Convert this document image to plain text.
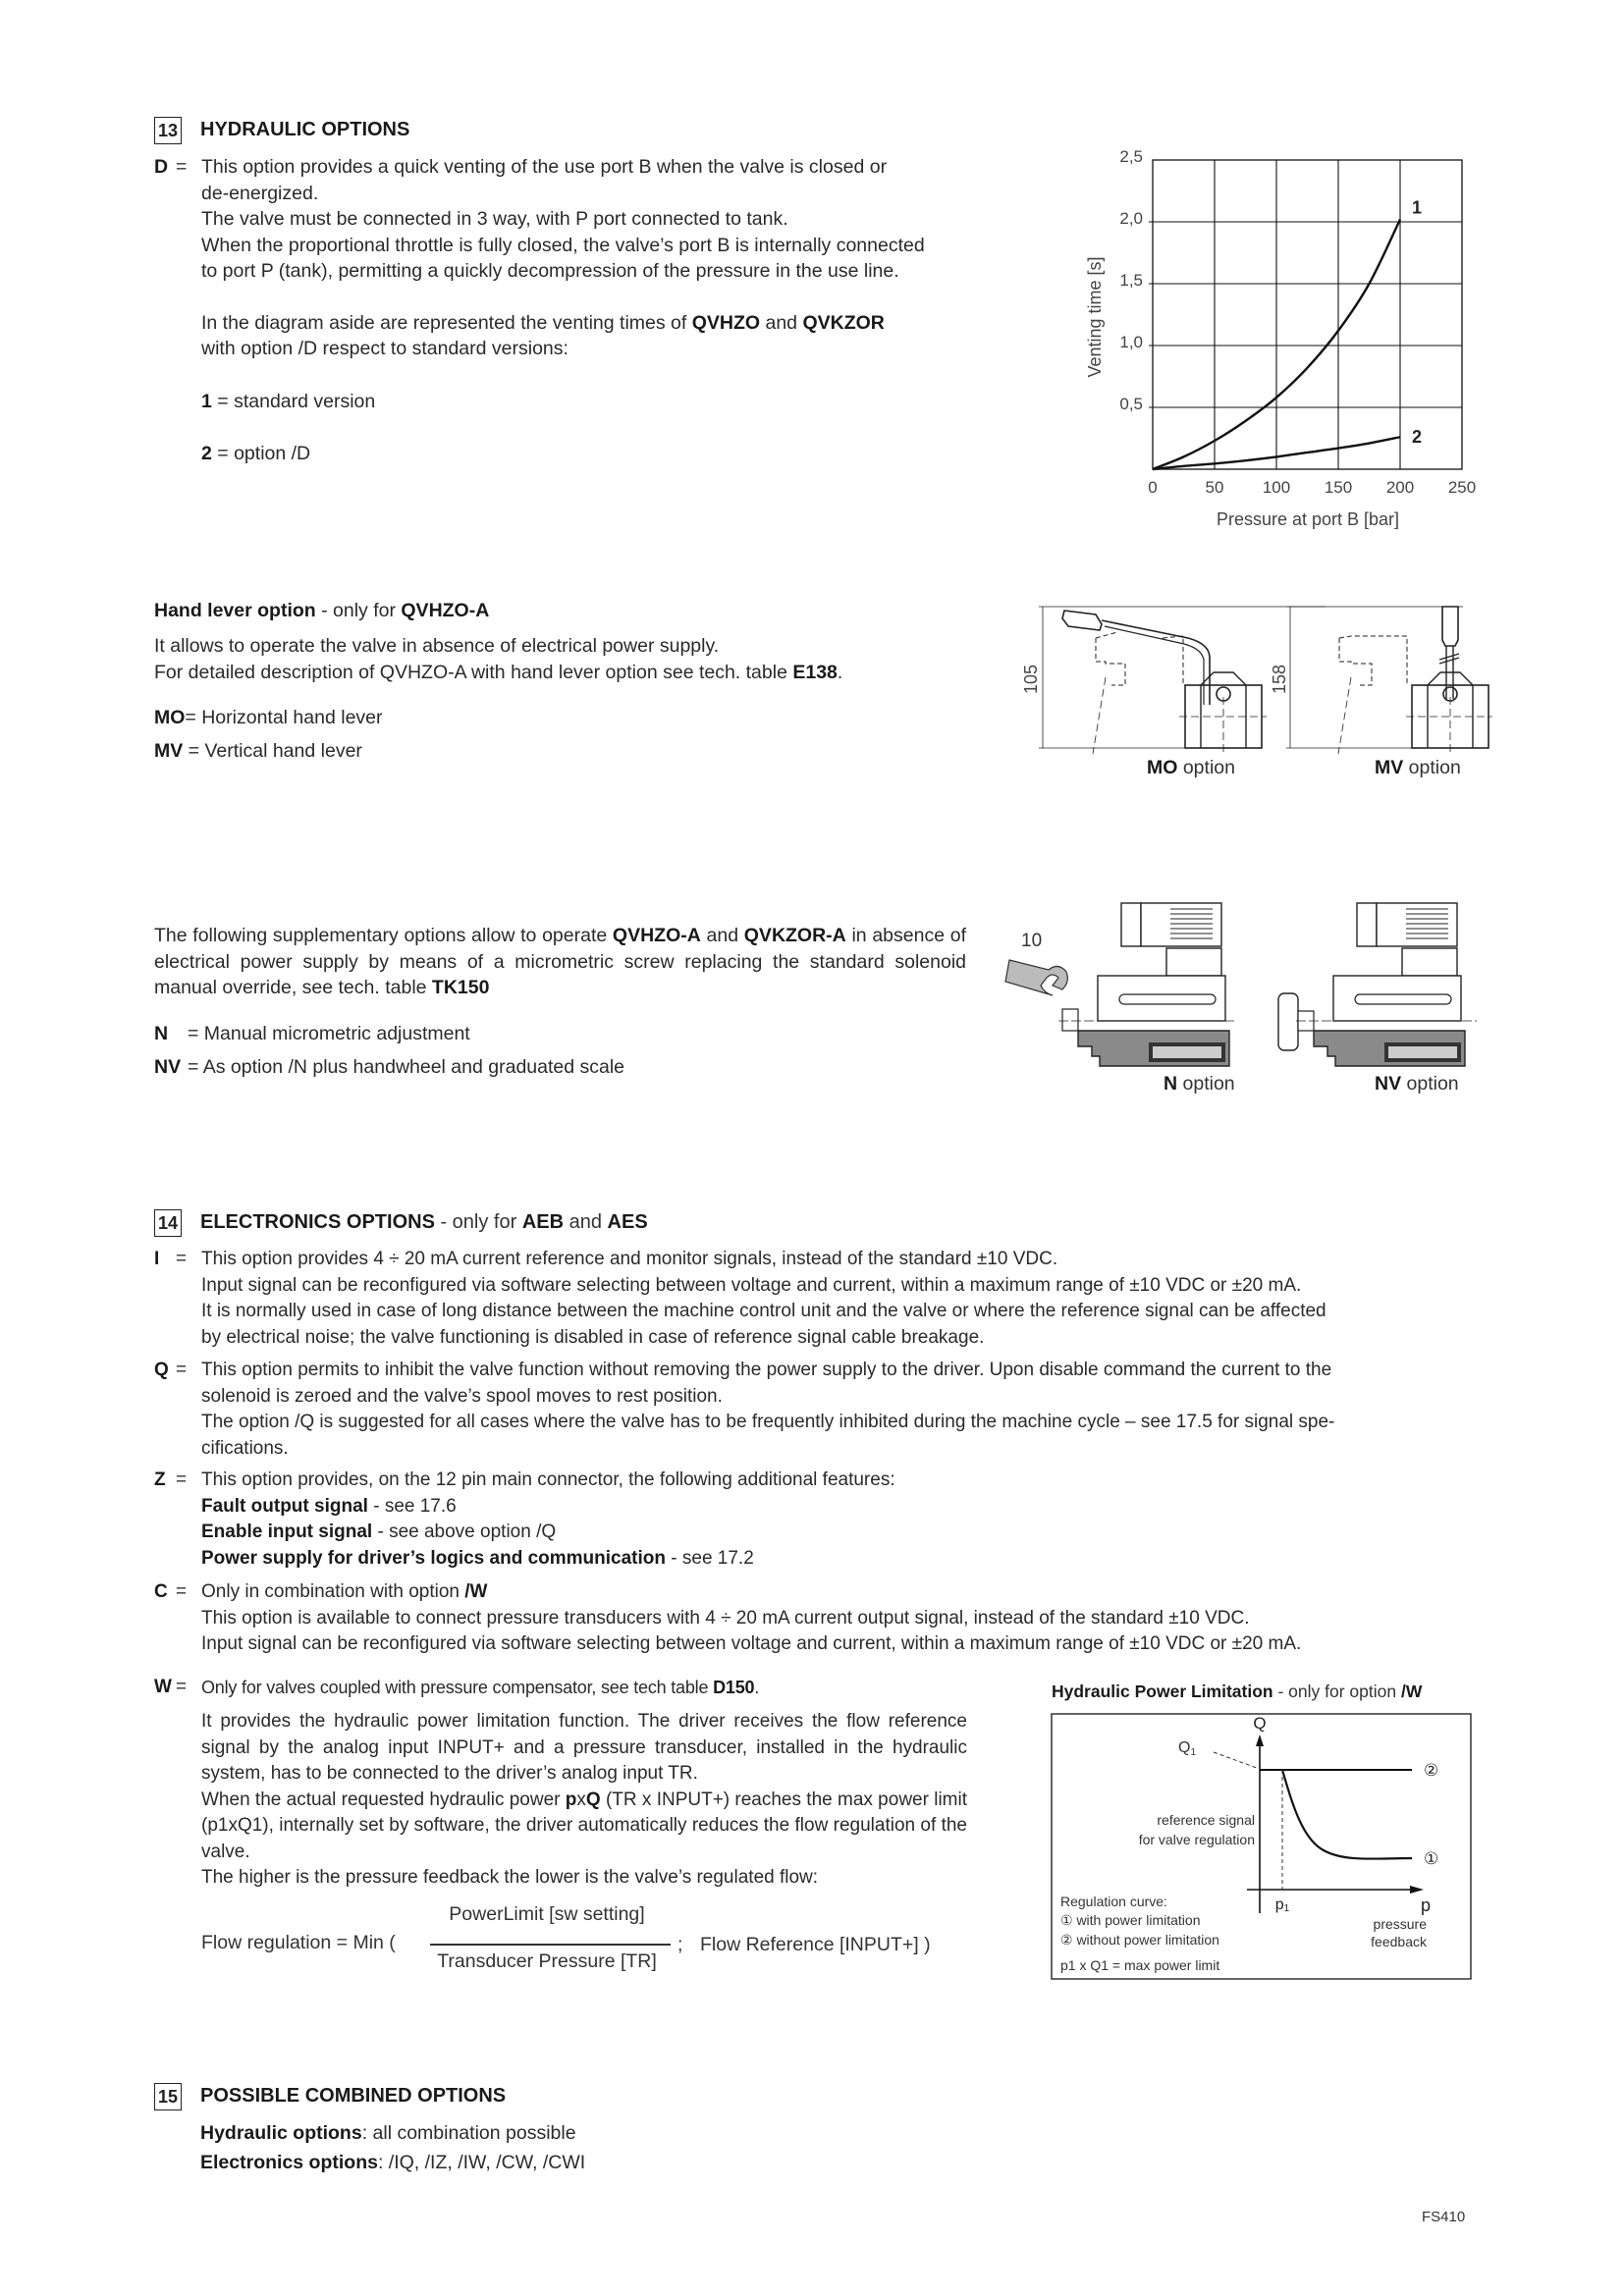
13 HYDRAULIC OPTIONS
D = This option provides a quick venting of the use port B when the valve is closed or
de-energized.
The valve must be connected in 3 way, with P port connected to tank.
When the proportional throttle is fully closed, the valve’s port B is internally connected
to port P (tank), permitting a quickly decompression of the pressure in the use line.
In the diagram aside are represented the venting times of QVHZO and QVKZOR
with option /D respect to standard versions:
1 = standard version
2 = option /D
0,5
1,0
1,5
2,0
2,5
0	50 100 150 200 250
1
2
Venting time [s]
Pressure at port B [bar]
Hand lever option - only for QVHZO-A
It allows to operate the valve in absence of electrical power supply.
For detailed description of QVHZO-A with hand lever option see tech. table E138.
MO= Horizontal hand lever
MV = Vertical hand lever
105	158
MO option	MV option
The following supplementary options allow to operate QVHZO-A and QVKZOR-A in absence of electrical power supply by means of a micrometric screw replacing the standard solenoid manual override, see tech. table TK150
N = Manual micrometric adjustment
NV = As option /N plus handwheel and graduated scale
10
N option	NV option
14 ELECTRONICS OPTIONS - only for AEB and AES
I = This option provides 4 ÷ 20 mA current reference and monitor signals, instead of the standard ±10 VDC.
Input signal can be reconfigured via software selecting between voltage and current, within a maximum range of ±10 VDC or ±20 mA.
It is normally used in case of long distance between the machine control unit and the valve or where the reference signal can be affected
by electrical noise; the valve functioning is disabled in case of reference signal cable breakage.
Q = This option permits to inhibit the valve function without removing the power supply to the driver. Upon disable command the current to the
solenoid is zeroed and the valve’s spool moves to rest position.
The option /Q is suggested for all cases where the valve has to be frequently inhibited during the machine cycle – see 17.5 for signal spe-
cifications.
Z = This option provides, on the 12 pin main connector, the following additional features:
Fault output signal - see 17.6
Enable input signal - see above option /Q
Power supply for driver’s logics and communication - see 17.2
C = Only in combination with option /W
This option is available to connect pressure transducers with 4 ÷ 20 mA current output signal, instead of the standard ±10 VDC.
Input signal can be reconfigured via software selecting between voltage and current, within a maximum range of ±10 VDC or ±20 mA.
W = Only for valves coupled with pressure compensator, see tech table D150.
It provides the hydraulic power limitation function. The driver receives the flow reference signal by the analog input INPUT+ and a pressure transducer, installed in the hydraulic system, has to be connected to the driver’s analog input TR.
When the actual requested hydraulic power pxQ (TR x INPUT+) reaches the max power limit (p1xQ1), internally set by software, the driver automatically reduces the flow regulation of the valve.
The higher is the pressure feedback the lower is the valve’s regulated flow:
Flow regulation = Min (
PowerLimit [sw setting]
Transducer Pressure [TR]
; Flow Reference [INPUT+] )
Hydraulic Power Limitation - only for option /W
Q
Q1
②
①
reference signal
for valve regulation
p1	p
pressure
feedback
Regulation curve:
① with power limitation
② without power limitation
p1 x Q1 = max power limit
15 POSSIBLE COMBINED OPTIONS
Hydraulic options: all combination possible
Electronics options: /IQ, /IZ, /IW, /CW, /CWI
FS410
